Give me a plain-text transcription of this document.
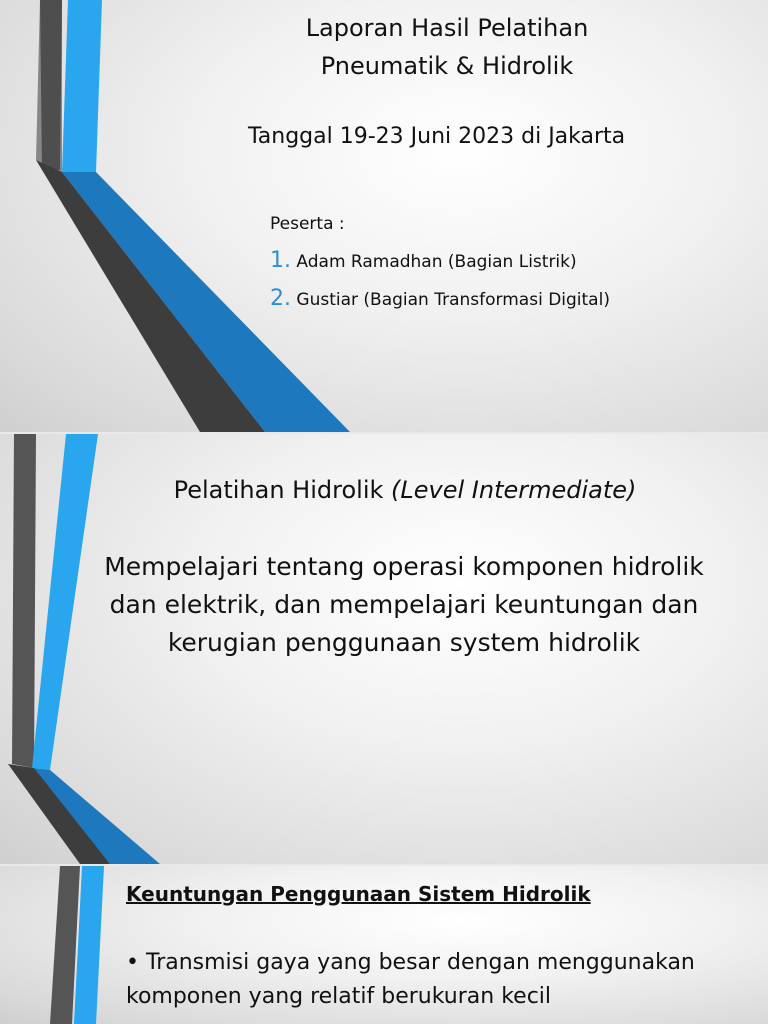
Laporan Hasil Pelatihan
Pneumatik & Hidrolik
Tanggal 19-23 Juni 2023 di Jakarta
Peserta :
1. Adam Ramadhan (Bagian Listrik)
2. Gustiar (Bagian Transformasi Digital)
Pelatihan Hidrolik (Level Intermediate)
Mempelajari tentang operasi komponen hidrolik
dan elektrik, dan mempelajari keuntungan dan
kerugian penggunaan system hidrolik
Keuntungan Penggunaan Sistem Hidrolik
• Transmisi gaya yang besar dengan menggunakan
komponen yang relatif berukuran kecil
